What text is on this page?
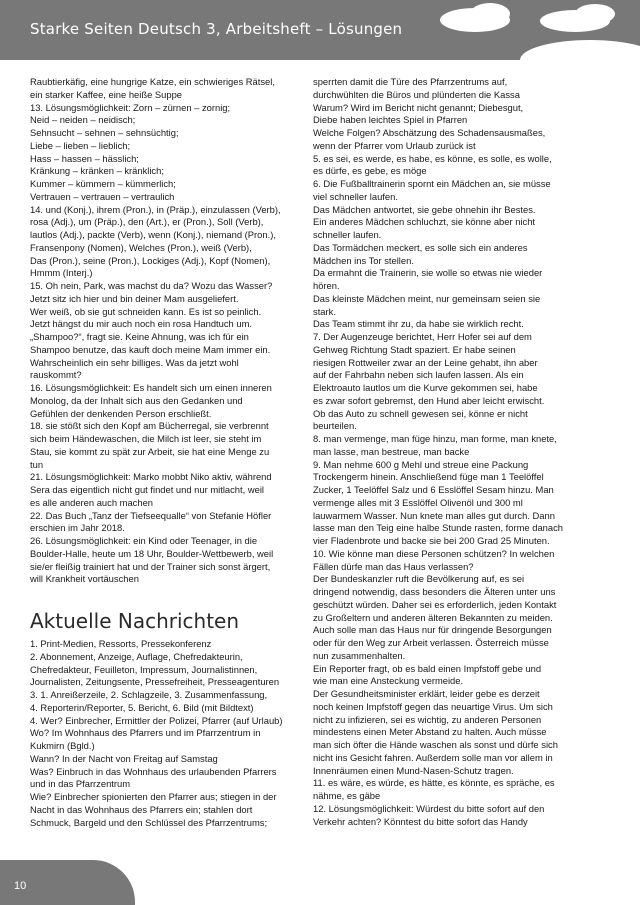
Starke Seiten Deutsch 3, Arbeitsheft – Lösungen

Raubtierkäfig, eine hungrige Katze, ein schwieriges Rätsel,

ein starker Kaffee, eine heiße Suppe

13. Lösungsmöglichkeit: Zorn – zürnen – zornig;

Neid – neiden – neidisch;

Sehnsucht – sehnen – sehnsüchtig;

Liebe – lieben – lieblich;

Hass – hassen – hässlich;

Kränkung – kränken – kränklich;

Kummer – kümmern – kümmerlich;

Vertrauen – vertrauen – vertraulich

14. und (Konj.), ihrem (Pron.), in (Präp.), einzulassen (Verb),

rosa (Adj.), um (Präp.), den (Art.), er (Pron.), Soll (Verb),

lautlos (Adj.), packte (Verb), wenn (Konj.), niemand (Pron.),

Fransenpony (Nomen), Welches (Pron.), weiß (Verb),

Das (Pron.), seine (Pron.), Lockiges (Adj.), Kopf (Nomen),

Hmmm (Interj.)

15. Oh nein, Park, was machst du da? Wozu das Wasser?

Jetzt sitz ich hier und bin deiner Mam ausgeliefert.

Wer weiß, ob sie gut schneiden kann. Es ist so peinlich.

Jetzt hängst du mir auch noch ein rosa Handtuch um.

„Shampoo?“, fragt sie. Keine Ahnung, was ich für ein

Shampoo benutze, das kauft doch meine Mam immer ein.

Wahrscheinlich ein sehr billiges. Was da jetzt wohl

rauskommt?

16. Lösungsmöglichkeit: Es handelt sich um einen inneren

Monolog, da der Inhalt sich aus den Gedanken und

Gefühlen der denkenden Person erschließt.

18. sie stößt sich den Kopf am Bücherregal, sie verbrennt

sich beim Händewaschen, die Milch ist leer, sie steht im

Stau, sie kommt zu spät zur Arbeit, sie hat eine Menge zu

tun

21. Lösungsmöglichkeit: Marko mobbt Niko aktiv, während

Sera das eigentlich nicht gut findet und nur mitlacht, weil

es alle anderen auch machen

22. Das Buch „Tanz der Tiefseequalle“ von Stefanie Höfler

erschien im Jahr 2018.

26. Lösungsmöglichkeit: ein Kind oder Teenager, in die

Boulder-Halle, heute um 18 Uhr, Boulder-Wettbewerb, weil

sie/er fleißig trainiert hat und der Trainer sich sonst ärgert,

will Krankheit vortäuschen

Aktuelle Nachrichten

1. Print-Medien, Ressorts, Pressekonferenz

2. Abonnement, Anzeige, Auflage, Chefredakteurin,

Chefredakteur, Feuilleton, Impressum, Journalistinnen,

Journalisten, Zeitungsente, Pressefreiheit, Presseagenturen

3. 1. Anreißerzeile, 2. Schlagzeile, 3. Zusammenfassung,

4. Reporterin/Reporter, 5. Bericht, 6. Bild (mit Bildtext)

4. Wer? Einbrecher, Ermittler der Polizei, Pfarrer (auf Urlaub)

Wo? Im Wohnhaus des Pfarrers und im Pfarrzentrum in

Kukmirn (Bgld.)

Wann? In der Nacht von Freitag auf Samstag

Was? Einbruch in das Wohnhaus des urlaubenden Pfarrers

und in das Pfarrzentrum

Wie? Einbrecher spionierten den Pfarrer aus; stiegen in der

Nacht in das Wohnhaus des Pfarrers ein; stahlen dort

Schmuck, Bargeld und den Schlüssel des Pfarrzentrums;

sperrten damit die Türe des Pfarrzentrums auf,

durchwühlten die Büros und plünderten die Kassa

Warum? Wird im Bericht nicht genannt; Diebesgut,

Diebe haben leichtes Spiel in Pfarren

Welche Folgen? Abschätzung des Schadensausmaßes,

wenn der Pfarrer vom Urlaub zurück ist

5. es sei, es werde, es habe, es könne, es solle, es wolle,

es dürfe, es gebe, es möge

6. Die Fußballtrainerin spornt ein Mädchen an, sie müsse

viel schneller laufen.

Das Mädchen antwortet, sie gebe ohnehin ihr Bestes.

Ein anderes Mädchen schluchzt, sie könne aber nicht

schneller laufen.

Das Tormädchen meckert, es solle sich ein anderes

Mädchen ins Tor stellen.

Da ermahnt die Trainerin, sie wolle so etwas nie wieder

hören.

Das kleinste Mädchen meint, nur gemeinsam seien sie

stark.

Das Team stimmt ihr zu, da habe sie wirklich recht.

7. Der Augenzeuge berichtet, Herr Hofer sei auf dem

Gehweg Richtung Stadt spaziert. Er habe seinen

riesigen Rottweiler zwar an der Leine gehabt, ihn aber

auf der Fahrbahn neben sich laufen lassen. Als ein

Elektroauto lautlos um die Kurve gekommen sei, habe

es zwar sofort gebremst, den Hund aber leicht erwischt.

Ob das Auto zu schnell gewesen sei, könne er nicht

beurteilen.

8. man vermenge, man füge hinzu, man forme, man knete,

man lasse, man bestreue, man backe

9. Man nehme 600 g Mehl und streue eine Packung

Trockengerm hinein. Anschließend füge man 1 Teelöffel

Zucker, 1 Teelöffel Salz und 6 Esslöffel Sesam hinzu. Man

vermenge alles mit 3 Esslöffel Olivenöl und 300 ml

lauwarmem Wasser. Nun knete man alles gut durch. Dann

lasse man den Teig eine halbe Stunde rasten, forme danach

vier Fladenbrote und backe sie bei 200 Grad 25 Minuten.

10. Wie könne man diese Personen schützen? In welchen

Fällen dürfe man das Haus verlassen?

Der Bundeskanzler ruft die Bevölkerung auf, es sei

dringend notwendig, dass besonders die Älteren unter uns

geschützt würden. Daher sei es erforderlich, jeden Kontakt

zu Großeltern und anderen älteren Bekannten zu meiden.

Auch solle man das Haus nur für dringende Besorgungen

oder für den Weg zur Arbeit verlassen. Österreich müsse

nun zusammenhalten.

Ein Reporter fragt, ob es bald einen Impfstoff gebe und

wie man eine Ansteckung vermeide.

Der Gesundheitsminister erklärt, leider gebe es derzeit

noch keinen Impfstoff gegen das neuartige Virus. Um sich

nicht zu infizieren, sei es wichtig, zu anderen Personen

mindestens einen Meter Abstand zu halten. Auch müsse

man sich öfter die Hände waschen als sonst und dürfe sich

nicht ins Gesicht fahren. Außerdem solle man vor allem in

Innenräumen einen Mund-Nasen-Schutz tragen.

11. es wäre, es würde, es hätte, es könnte, es spräche, es

nähme, es gäbe

12. Lösungsmöglichkeit: Würdest du bitte sofort auf den

Verkehr achten? Könntest du bitte sofort das Handy

10
